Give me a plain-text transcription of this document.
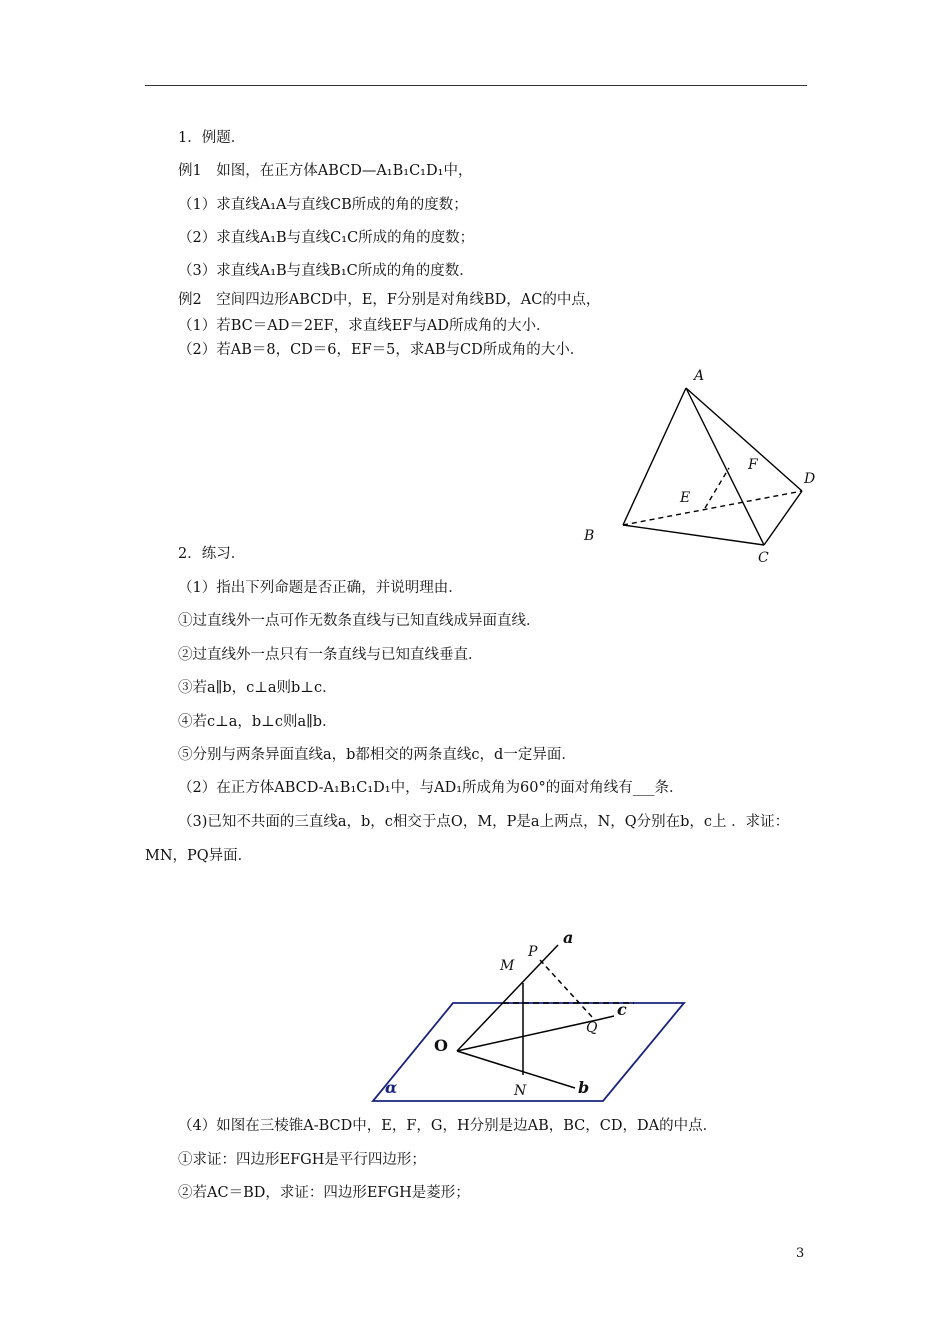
1．例题．
例1　如图，在正方体ABCD—A₁B₁C₁D₁中，
（1）求直线A₁A与直线CB所成的角的度数；
（2）求直线A₁B与直线C₁C所成的角的度数；
（3）求直线A₁B与直线B₁C所成的角的度数．
例2　空间四边形ABCD中，E，F分别是对角线BD，AC的中点，
（1）若BC＝AD＝2EF，求直线EF与AD所成角的大小．
（2）若AB＝8，CD＝6，EF＝5，求AB与CD所成角的大小．
A
B
C
D
E
F
2．练习．
（1）指出下列命题是否正确，并说明理由．
①过直线外一点可作无数条直线与已知直线成异面直线．
②过直线外一点只有一条直线与已知直线垂直．
③若a∥b，c⊥a则b⊥c．
④若c⊥a，b⊥c则a∥b．
⑤分别与两条异面直线a，b都相交的两条直线c，d一定异面．
（2）在正方体ABCD-A₁B₁C₁D₁中，与AD₁所成角为60°的面对角线有___条．
（3)已知不共面的三直线a，b，c相交于点O，M，P是a上两点，N，Q分别在b，c上 ．求证：
MN，PQ异面．
a
b
c
O
M
P
N
Q
α
（4）如图在三棱锥A-BCD中，E，F，G，H分别是边AB，BC，CD，DA的中点．
①求证：四边形EFGH是平行四边形；
②若AC＝BD，求证：四边形EFGH是菱形；
3
